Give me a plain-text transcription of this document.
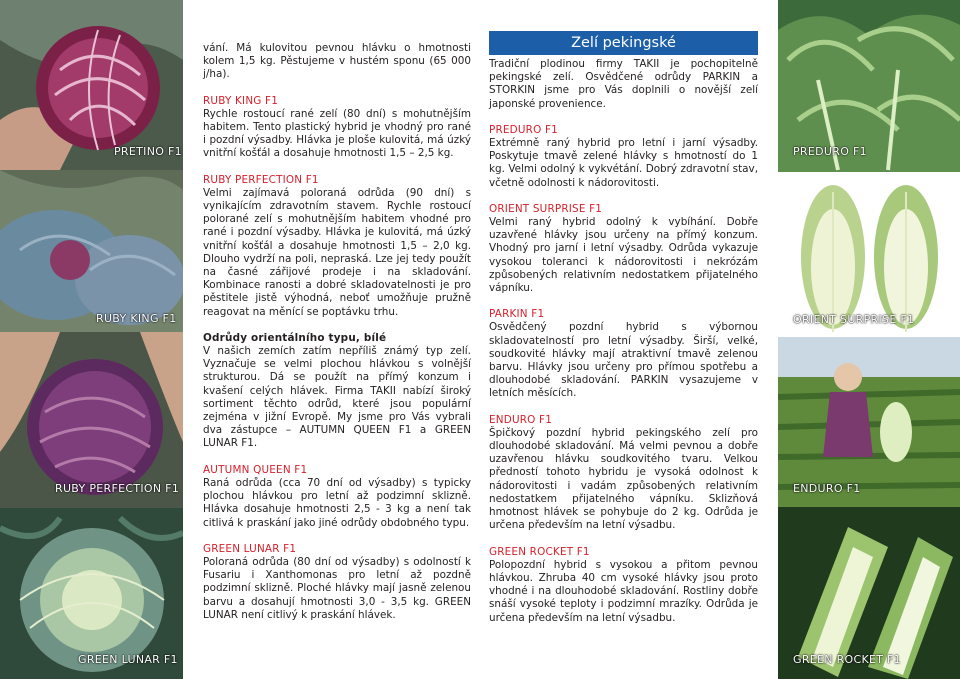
PRETINO F1
RUBY KING F1
RUBY PERFECTION F1
GREEN LUNAR F1

vání. Má kulovitou pevnou hlávku o hmotnosti kolem 1,5 kg. Pěstujeme v hustém sponu (65 000 j/ha).

RUBY KING F1
Rychle rostoucí rané zelí (80 dní) s mohutnějším habitem. Tento plastický hybrid je vhodný pro rané i pozdní výsadby. Hlávka je ploše kulovitá, má úzký vnitřní košťál a dosahuje hmotnosti 1,5 – 2,5 kg.

RUBY PERFECTION F1
Velmi zajímavá poloraná odrůda (90 dní) s vynikajícím zdravotním stavem. Rychle rostoucí polorané zelí s mohutnějším habitem vhodné pro rané i pozdní výsadby. Hlávka je kulovitá, má úzký vnitřní košťál a dosahuje hmotnosti 1,5 – 2,0 kg. Dlouho vydrží na poli, nepraská. Lze jej tedy použít na časné zářijové prodeje i na skladování. Kombinace ranosti a dobré skladovatelnosti je pro pěstitele jistě výhodná, neboť umožňuje pružně reagovat na měnící se poptávku trhu.

Odrůdy orientálního typu, bílé
V našich zemích zatím nepříliš známý typ zelí. Vyznačuje se velmi plochou hlávkou s volnější strukturou. Dá se použít na přímý konzum i kvašení celých hlávek. Firma TAKII nabízí široký sortiment těchto odrůd, které jsou populární zejména v jižní Evropě. My jsme pro Vás vybrali dva zástupce – AUTUMN QUEEN F1 a GREEN LUNAR F1.

AUTUMN QUEEN F1
Raná odrůda (cca 70 dní od výsadby) s typicky plochou hlávkou pro letní až podzimní sklizně. Hlávka dosahuje hmotnosti 2,5 - 3 kg a není tak citlivá k praskání jako jiné odrůdy obdobného typu.

GREEN LUNAR F1
Poloraná odrůda (80 dní od výsadby) s odolností k Fusariu i Xanthomonas pro letní až pozdně podzimní sklizně. Ploché hlávky mají jasně zelenou barvu a dosahují hmotnosti 3,0 - 3,5 kg. GREEN LUNAR není citlivý k praskání hlávek.

Zelí pekingské

Tradiční plodinou firmy TAKII je pochopitelně pekingské zelí. Osvědčené odrůdy PARKIN a STORKIN jsme pro Vás doplnili o novější zelí japonské provenience.

PREDURO F1
Extrémně raný hybrid pro letní i jarní výsadby. Poskytuje tmavě zelené hlávky s hmotností do 1 kg. Velmi odolný k vykvétání. Dobrý zdravotní stav, včetně odolnosti k nádorovitosti.

ORIENT SURPRISE F1
Velmi raný hybrid odolný k vybíhání. Dobře uzavřené hlávky jsou určeny na přímý konzum. Vhodný pro jarní i letní výsadby. Odrůda vykazuje vysokou toleranci k nádorovitosti i nekrózám způsobených relativním nedostatkem přijatelného vápníku.

PARKIN F1
Osvědčený pozdní hybrid s výbornou skladovatelností pro letní výsadby. Širší, velké, soudkovité hlávky mají atraktivní tmavě zelenou barvu. Hlávky jsou určeny pro přímou spotřebu a dlouhodobé skladování. PARKIN vysazujeme v letních měsících.

ENDURO F1
Špičkový pozdní hybrid pekingského zelí pro dlouhodobé skladování. Má velmi pevnou a dobře uzavřenou hlávku soudkovitého tvaru. Velkou předností tohoto hybridu je vysoká odolnost k nádorovitosti i vadám způsobených relativním nedostatkem přijatelného vápníku. Sklizňová hmotnost hlávek se pohybuje do 2 kg. Odrůda je určena především na letní výsadbu.

GREEN ROCKET F1
Polopozdní hybrid s vysokou a přitom pevnou hlávkou. Zhruba 40 cm vysoké hlávky jsou proto vhodné i na dlouhodobé skladování. Rostliny dobře snáší vysoké teploty i podzimní mrazíky. Odrůda je určena především na letní výsadbu.

PREDURO F1
ORIENT SURPRISE F1
ENDURO F1
GREEN ROCKET F1
